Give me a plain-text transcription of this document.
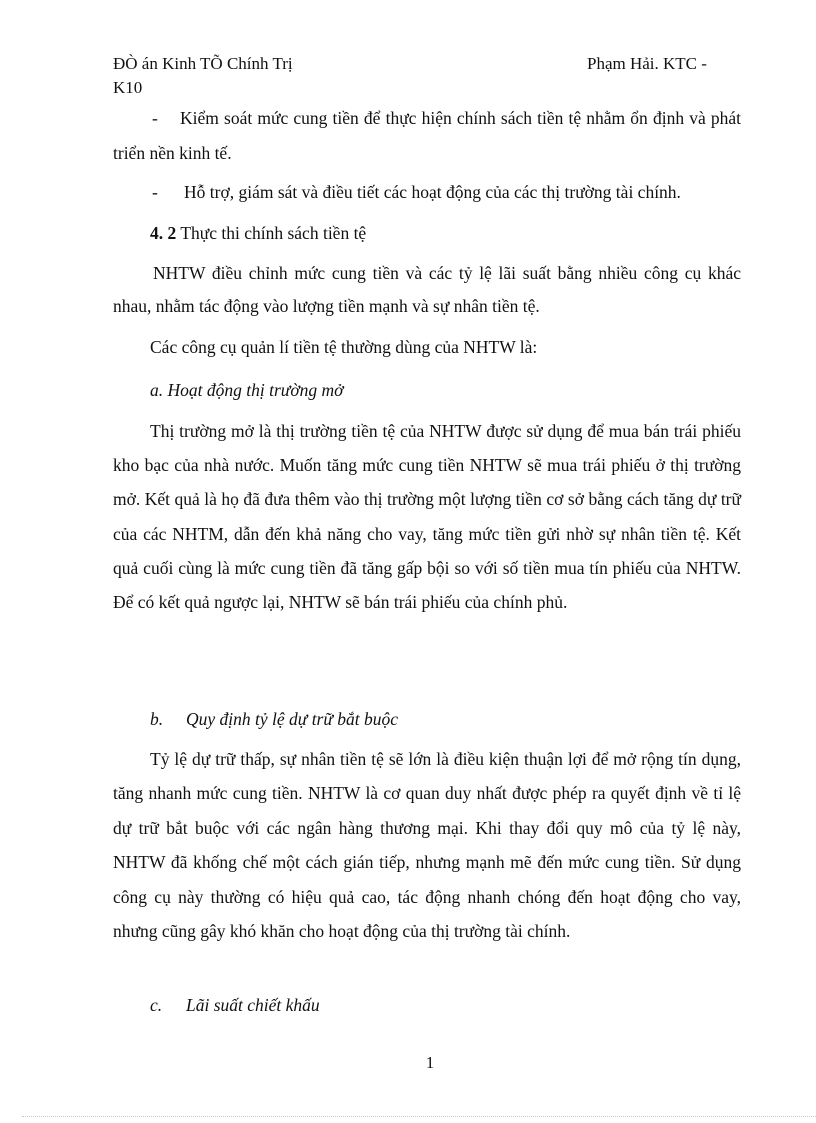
ĐÒ án Kinh TÕ Chính Trị	Phạm Hải. KTC -
K10
- Kiểm soát mức cung tiền để thực hiện chính sách tiền tệ nhằm ổn định và phát triển nền kinh tế.
- Hỗ trợ, giám sát và điều tiết các hoạt động của các thị trường tài chính.
4. 2 Thực thi chính sách tiền tệ
NHTW điều chỉnh mức cung tiền và các tỷ lệ lãi suất bằng nhiều công cụ khác nhau, nhằm tác động vào lượng tiền mạnh và sự nhân tiền tệ.
Các công cụ quản lí tiền tệ thường dùng của NHTW là:
a. Hoạt động thị trường mở
Thị trường mở là thị trường tiền tệ của NHTW được sử dụng để mua bán trái phiếu kho bạc của nhà nước. Muốn tăng mức cung tiền NHTW sẽ mua trái phiếu ở thị trường mở. Kết quả là họ đã đưa thêm vào thị trường một lượng tiền cơ sở bằng cách tăng dự trữ của các NHTM, dẫn đến khả năng cho vay, tăng mức tiền gửi nhờ sự nhân tiền tệ. Kết quả cuối cùng là mức cung tiền đã tăng gấp bội so với số tiền mua tín phiếu của NHTW. Để có kết quả ngược lại, NHTW sẽ bán trái phiếu của chính phủ.
b. Quy định tỷ lệ dự trữ bắt buộc
Tỷ lệ dự trữ thấp, sự nhân tiền tệ sẽ lớn là điều kiện thuận lợi để mở rộng tín dụng, tăng nhanh mức cung tiền. NHTW là cơ quan duy nhất được phép ra quyết định về tỉ lệ dự trữ bắt buộc với các ngân hàng thương mại. Khi thay đổi quy mô của tỷ lệ này, NHTW đã khống chế một cách gián tiếp, nhưng mạnh mẽ đến mức cung tiền. Sử dụng công cụ này thường có hiệu quả cao, tác động nhanh chóng đến hoạt động cho vay, nhưng cũng gây khó khăn cho hoạt động của thị trường tài chính.
c. Lãi suất chiết khấu
1
